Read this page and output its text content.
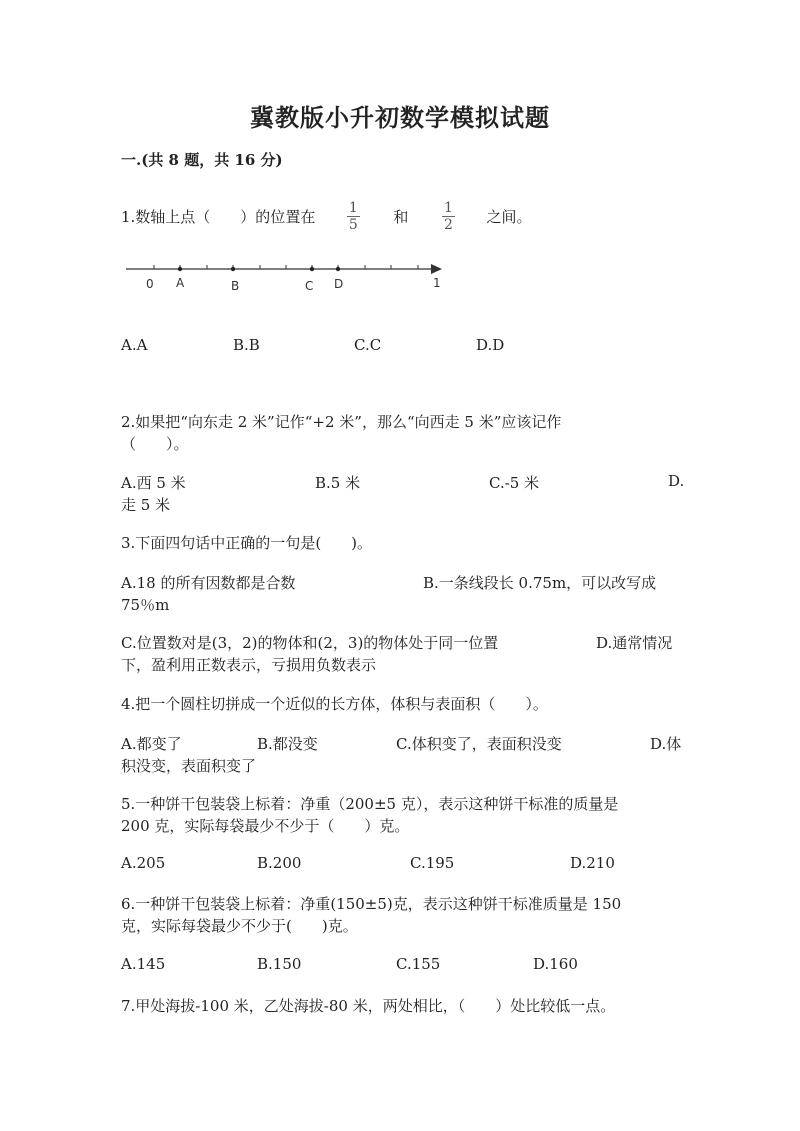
冀教版小升初数学模拟试题
一.(共 8 题，共 16 分)
1.数轴上点（　　）的位置在 $\frac{1}{5}$ 和 $\frac{1}{2}$ 之间。
0 A	B	C D	1
A.A	B.B	C.C	D.D
2.如果把“向东走 2 米”记作“+2 米”，那么“向西走 5 米”应该记作
（　　）。
A.西 5 米	B.5 米	C.-5 米	D.
走 5 米
3.下面四句话中正确的一句是(　　)。
A.18 的所有因数都是合数	B.一条线段长 0.75m，可以改写成
75％m
C.位置数对是(3，2)的物体和(2，3)的物体处于同一位置	D.通常情况
下，盈利用正数表示，亏损用负数表示
4.把一个圆柱切拼成一个近似的长方体，体积与表面积（　　）。
A.都变了	B.都没变	C.体积变了，表面积没变	D.体
积没变，表面积变了
5.一种饼干包装袋上标着：净重（200±5 克），表示这种饼干标准的质量是
200 克，实际每袋最少不少于（　　）克。
A.205	B.200	C.195	D.210
6.一种饼干包装袋上标着：净重(150±5)克，表示这种饼干标准质量是 150
克，实际每袋最少不少于(　　)克。
A.145	B.150	C.155	D.160
7.甲处海拔-100 米，乙处海拔-80 米，两处相比，（　　）处比较低一点。
